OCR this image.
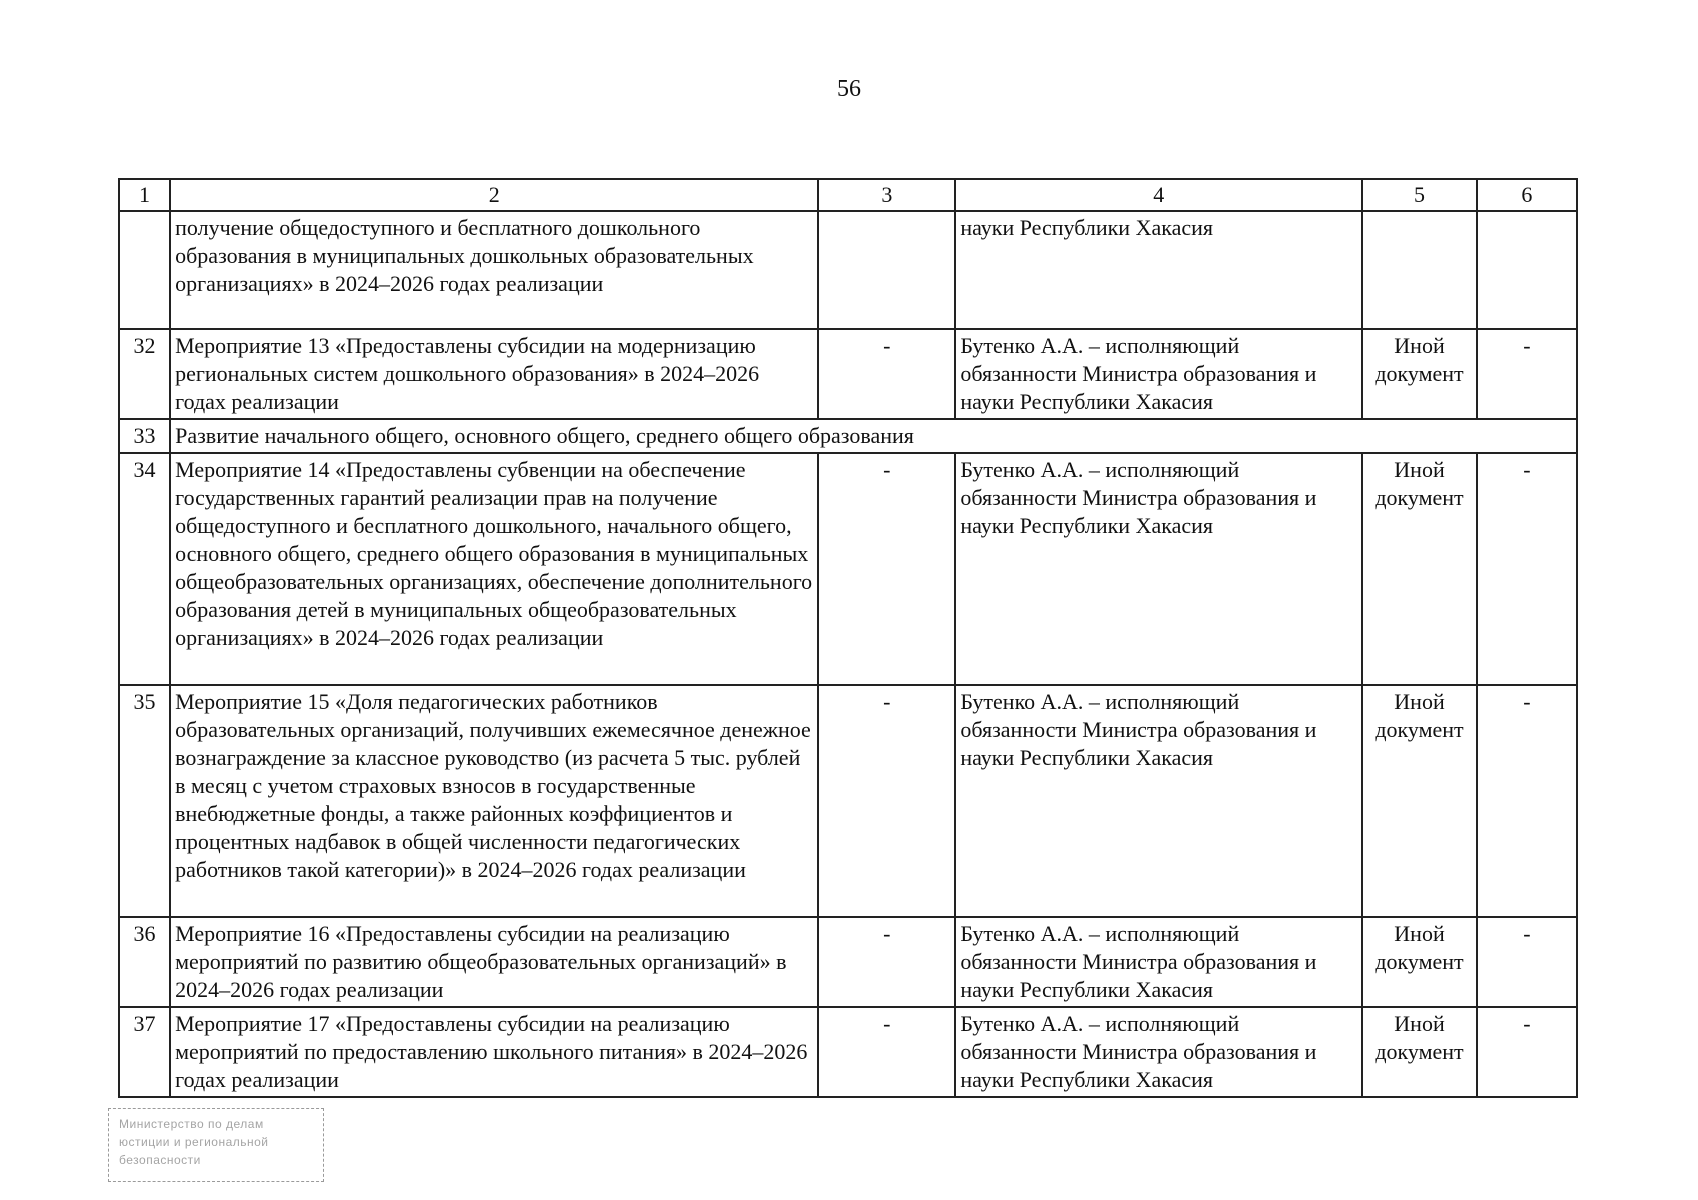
56
1	2	3	4	5	6
	получение общедоступного и бесплатного дошкольного образования в муниципальных дошкольных образовательных организациях» в 2024–2026 годах реализации		науки Республики Хакасия		
32	Мероприятие 13 «Предоставлены субсидии на модернизацию региональных систем дошкольного образования» в 2024–2026 годах реализации	-	Бутенко А.А. – исполняющий обязанности Министра образования и науки Республики Хакасия	Иной документ	-
33	Развитие начального общего, основного общего, среднего общего образования				
34	Мероприятие 14 «Предоставлены субвенции на обеспечение государственных гарантий реализации прав на получение общедоступного и бесплатного дошкольного, начального общего, основного общего, среднего общего образования в муниципальных общеобразовательных организациях, обеспечение дополнительного образования детей в муниципальных общеобразовательных организациях» в 2024–2026 годах реализации	-	Бутенко А.А. – исполняющий обязанности Министра образования и науки Республики Хакасия	Иной документ	-
35	Мероприятие 15 «Доля педагогических работников образовательных организаций, получивших ежемесячное денежное вознаграждение за классное руководство (из расчета 5 тыс. рублей в месяц с учетом страховых взносов в государственные внебюджетные фонды, а также районных коэффициентов и процентных надбавок в общей численности педагогических работников такой категории)» в 2024–2026 годах реализации	-	Бутенко А.А. – исполняющий обязанности Министра образования и науки Республики Хакасия	Иной документ	-
36	Мероприятие 16 «Предоставлены субсидии на реализацию мероприятий по развитию общеобразовательных организаций» в 2024–2026 годах реализации	-	Бутенко А.А. – исполняющий обязанности Министра образования и науки Республики Хакасия	Иной документ	-
37	Мероприятие 17 «Предоставлены субсидии на реализацию мероприятий по предоставлению школьного питания» в 2024–2026 годах реализации	-	Бутенко А.А. – исполняющий обязанности Министра образования и науки Республики Хакасия	Иной документ	-
Министерство по делам
юстиции и региональной
безопасности
